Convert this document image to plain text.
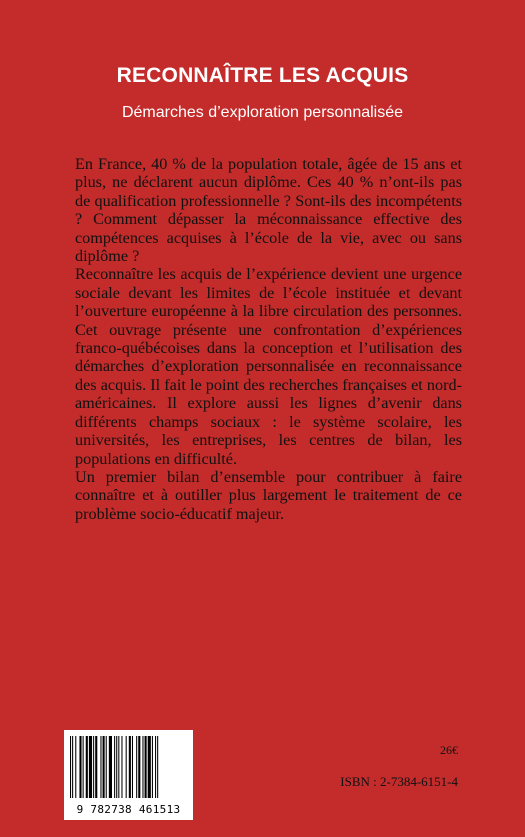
RECONNAÎTRE LES ACQUIS
Démarches d’exploration personnalisée

En France, 40 % de la population totale, âgée de 15 ans et plus, ne déclarent aucun diplôme. Ces 40 % n’ont-ils pas de qualification professionnelle ? Sont-ils des incompétents ? Comment dépasser la méconnaissance effective des compétences acquises à l’école de la vie, avec ou sans diplôme ?

Reconnaître les acquis de l’expérience devient une urgence sociale devant les limites de l’école instituée et devant l’ouverture européenne à la libre circulation des personnes. Cet ouvrage présente une confrontation d’expériences franco-québécoises dans la conception et l’utilisation des démarches d’exploration personnalisée en reconnaissance des acquis. Il fait le point des recherches françaises et nord-américaines. Il explore aussi les lignes d’avenir dans différents champs sociaux : le système scolaire, les universités, les entreprises, les centres de bilan, les populations en difficulté.

Un premier bilan d’ensemble pour contribuer à faire connaître et à outiller plus largement le traitement de ce problème socio-éducatif majeur.

9 782738 461513
26€
ISBN : 2-7384-6151-4
